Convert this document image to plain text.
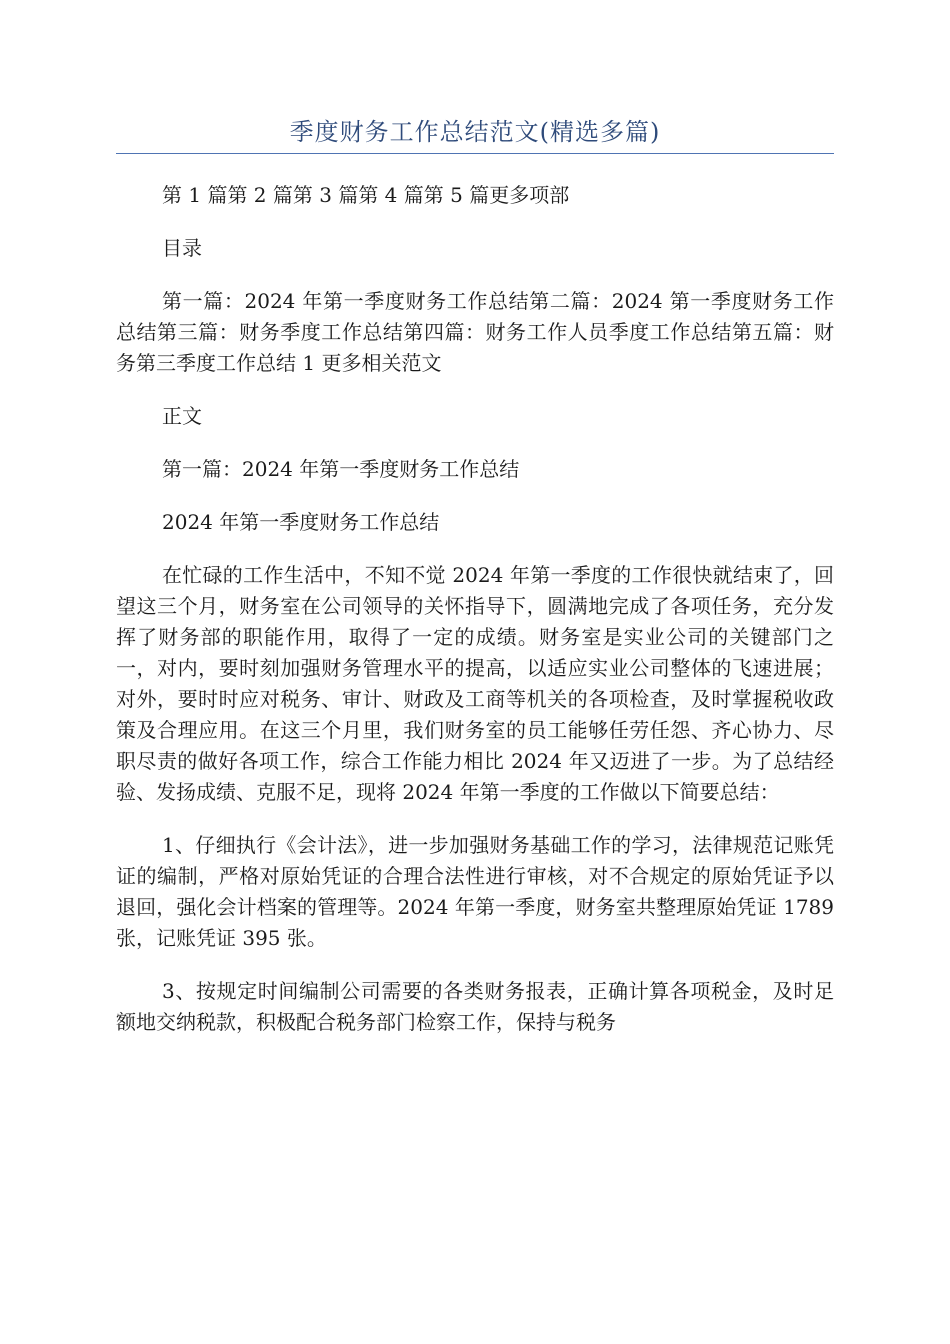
季度财务工作总结范文(精选多篇)

第 1 篇第 2 篇第 3 篇第 4 篇第 5 篇更多项部

目录

第一篇：2024 年第一季度财务工作总结第二篇：2024 第一季度财务工作总结第三篇：财务季度工作总结第四篇：财务工作人员季度工作总结第五篇：财务第三季度工作总结 1 更多相关范文

正文

第一篇：2024 年第一季度财务工作总结

2024 年第一季度财务工作总结

在忙碌的工作生活中，不知不觉 2024 年第一季度的工作很快就结束了，回望这三个月，财务室在公司领导的关怀指导下，圆满地完成了各项任务，充分发挥了财务部的职能作用，取得了一定的成绩。财务室是实业公司的关键部门之一，对内，要时刻加强财务管理水平的提高，以适应实业公司整体的飞速进展；对外，要时时应对税务、审计、财政及工商等机关的各项检查，及时掌握税收政策及合理应用。在这三个月里，我们财务室的员工能够任劳任怨、齐心协力、尽职尽责的做好各项工作，综合工作能力相比 2024 年又迈进了一步。为了总结经验、发扬成绩、克服不足，现将 2024 年第一季度的工作做以下简要总结：

1、仔细执行《会计法》，进一步加强财务基础工作的学习，法律规范记账凭证的编制，严格对原始凭证的合理合法性进行审核，对不合规定的原始凭证予以退回，强化会计档案的管理等。2024 年第一季度，财务室共整理原始凭证 1789 张，记账凭证 395 张。

3、按规定时间编制公司需要的各类财务报表，正确计算各项税金，及时足额地交纳税款，积极配合税务部门检察工作，保持与税务
